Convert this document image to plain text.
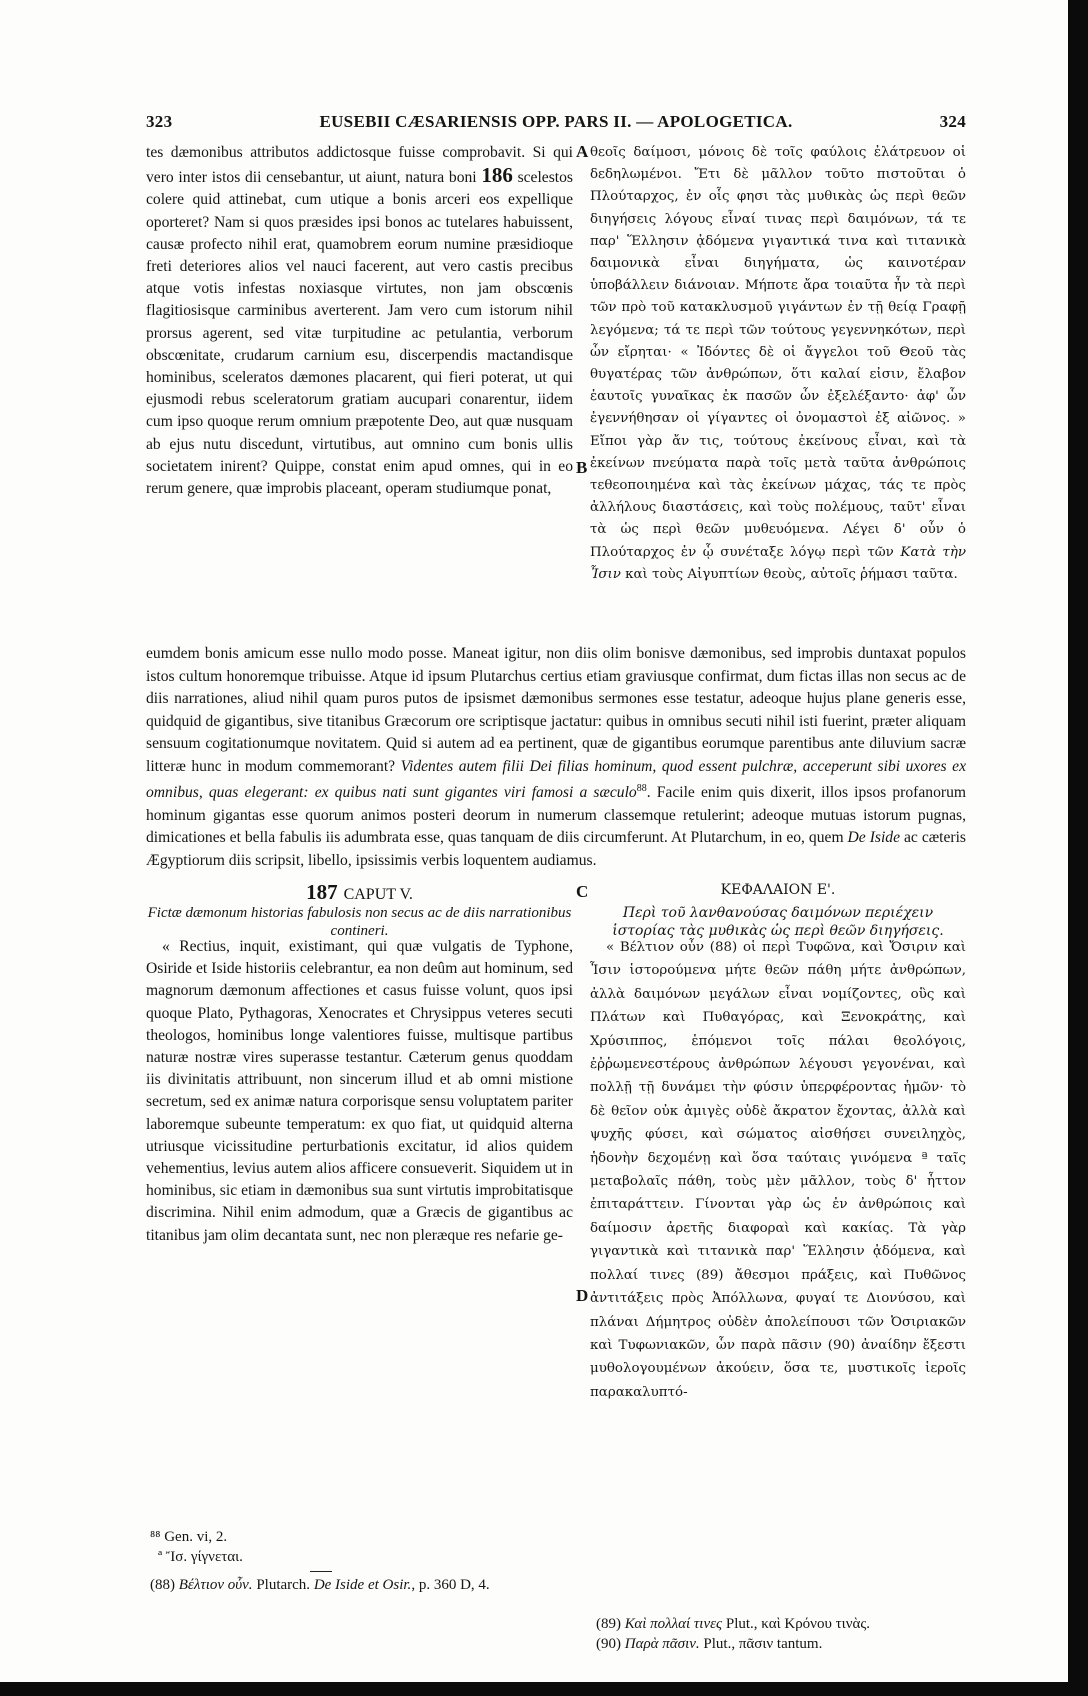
323	EUSEBII CÆSARIENSIS OPP. PARS II. — APOLOGETICA.	324

tes dæmonibus attributos addictosque fuisse comprobavit. Si qui vero inter istos dii censebantur, ut aiunt, natura boni 186 scelestos colere quid attinebat, cum utique a bonis arceri eos expellique oporteret? Nam si quos præsides ipsi bonos ac tutelares habuissent, causæ profecto nihil erat, quamobrem eorum numine præsidioque freti deteriores alios vel nauci facerent, aut vero castis precibus atque votis infestas noxiasque virtutes, non jam obscœnis flagitiosisque carminibus averterent. Jam vero cum istorum nihil prorsus agerent, sed vitæ turpitudine ac petulantia, verborum obscœnitate, crudarum carnium esu, discerpendis mactandisque hominibus, sceleratos dæmones placarent, qui fieri poterat, ut qui ejusmodi rebus sceleratorum gratiam aucupari conarentur, iidem cum ipso quoque rerum omnium præpotente Deo, aut quæ nusquam ab ejus nutu discedunt, virtutibus, aut omnino cum bonis ullis societatem inirent? Quippe, constat enim apud omnes, qui in eo rerum genere, quæ improbis placeant, operam studiumque ponat,

A
B

θεοῖς δαίμοσι, μόνοις δὲ τοῖς φαύλοις ἐλάτρευον οἱ δεδηλωμένοι. Ἔτι δὲ μᾶλλον τοῦτο πιστοῦται ὁ Πλούταρχος, ἐν οἷς φησι τὰς μυθικὰς ὡς περὶ θεῶν διηγήσεις λόγους εἶναί τινας περὶ δαιμόνων, τά τε παρ' Ἕλλησιν ᾀδόμενα γιγαντικά τινα καὶ τιτανικὰ δαιμονικὰ εἶναι διηγήματα, ὡς καινοτέραν ὑποβάλλειν διάνοιαν. Μήποτε ἄρα τοιαῦτα ἦν τὰ περὶ τῶν πρὸ τοῦ κατακλυσμοῦ γιγάντων ἐν τῇ θείᾳ Γραφῇ λεγόμενα; τά τε περὶ τῶν τούτους γεγεννηκότων, περὶ ὧν εἴρηται· « Ἰδόντες δὲ οἱ ἄγγελοι τοῦ Θεοῦ τὰς θυγατέρας τῶν ἀνθρώπων, ὅτι καλαί εἰσιν, ἔλαβον ἑαυτοῖς γυναῖκας ἐκ πασῶν ὧν ἐξελέξαντο· ἀφ' ὧν ἐγεννήθησαν οἱ γίγαντες οἱ ὀνομαστοὶ ἐξ αἰῶνος. » Εἴποι γὰρ ἄν τις, τούτους ἐκείνους εἶναι, καὶ τὰ ἐκείνων πνεύματα παρὰ τοῖς μετὰ ταῦτα ἀνθρώποις τεθεοποιημένα καὶ τὰς ἐκείνων μάχας, τάς τε πρὸς ἀλλήλους διαστάσεις, καὶ τοὺς πολέμους, ταῦτ' εἶναι τὰ ὡς περὶ θεῶν μυθευόμενα. Λέγει δ' οὖν ὁ Πλούταρχος ἐν ᾧ συνέταξε λόγῳ περὶ τῶν Κατὰ τὴν Ἶσιν καὶ τοὺς Αἰγυπτίων θεοὺς, αὐτοῖς ῥήμασι ταῦτα.

eumdem bonis amicum esse nullo modo posse. Maneat igitur, non diis olim bonisve dæmonibus, sed improbis duntaxat populos istos cultum honoremque tribuisse. Atque id ipsum Plutarchus certius etiam graviusque confirmat, dum fictas illas non secus ac de diis narrationes, aliud nihil quam puros putos de ipsismet dæmonibus sermones esse testatur, adeoque hujus plane generis esse, quidquid de gigantibus, sive titanibus Græcorum ore scriptisque jactatur: quibus in omnibus secuti nihil isti fuerint, præter aliquam sensuum cogitationumque novitatem. Quid si autem ad ea pertinent, quæ de gigantibus eorumque parentibus ante diluvium sacræ litteræ hunc in modum commemorant? Videntes autem filii Dei filias hominum, quod essent pulchræ, acceperunt sibi uxores ex omnibus, quas elegerant: ex quibus nati sunt gigantes viri famosi a sæculo$^{88}$. Facile enim quis dixerit, illos ipsos profanorum hominum gigantas esse quorum animos posteri deorum in numerum classemque retulerint; adeoque mutuas istorum pugnas, dimicationes et bella fabulis iis adumbrata esse, quas tanquam de diis circumferunt. At Plutarchum, in eo, quem De Iside ac cæteris Ægyptiorum diis scripsit, libello, ipsissimis verbis loquentem audiamus.

187 CAPUT V.	C	ΚΕΦΑΛΑΙΟΝ Ε'.
Fictæ dæmonum historias fabulosis non secus ac de diis narrationibus contineri.
Περὶ τοῦ λανθανούσας δαιμόνων περιέχειν ἱστορίας τὰς μυθικὰς ὡς περὶ θεῶν διηγήσεις.

« Rectius, inquit, existimant, qui quæ vulgatis de Typhone, Osiride et Iside historiis celebrantur, ea non deûm aut hominum, sed magnorum dæmonum affectiones et casus fuisse volunt, quos ipsi quoque Plato, Pythagoras, Xenocrates et Chrysippus veteres secuti theologos, hominibus longe valentiores fuisse, multisque partibus naturæ nostræ vires superasse testantur. Cæterum genus quoddam iis divinitatis attribuunt, non sincerum illud et ab omni mistione secretum, sed ex animæ natura corporisque sensu voluptatem pariter laboremque subeunte temperatum: ex quo fiat, ut quidquid alterna utriusque vicissitudine perturbationis excitatur, id alios quidem vehementius, levius autem alios afficere consueverit. Siquidem ut in hominibus, sic etiam in dæmonibus sua sunt virtutis improbitatisque discrimina. Nihil enim admodum, quæ a Græcis de gigantibus ac titanibus jam olim decantata sunt, nec non pleræque res nefarie ge-

D

« Βέλτιον οὖν (88) οἱ περὶ Τυφῶνα, καὶ Ὄσιριν καὶ Ἶσιν ἱστορούμενα μήτε θεῶν πάθη μήτε ἀνθρώπων, ἀλλὰ δαιμόνων μεγάλων εἶναι νομίζοντες, οὓς καὶ Πλάτων καὶ Πυθαγόρας, καὶ Ξενοκράτης, καὶ Χρύσιππος, ἑπόμενοι τοῖς πάλαι θεολόγοις, ἐῤῥωμενεστέρους ἀνθρώπων λέγουσι γεγονέναι, καὶ πολλῇ τῇ δυνάμει τὴν φύσιν ὑπερφέροντας ἡμῶν· τὸ δὲ θεῖον οὐκ ἀμιγὲς οὐδὲ ἄκρατον ἔχοντας, ἀλλὰ καὶ ψυχῆς φύσει, καὶ σώματος αἰσθήσει συνειληχὸς, ἡδονὴν δεχομένῃ καὶ ὅσα ταύταις γινόμενα ª ταῖς μεταβολαῖς πάθη, τοὺς μὲν μᾶλλον, τοὺς δ' ἧττον ἐπιταράττειν. Γίνονται γὰρ ὡς ἐν ἀνθρώποις καὶ δαίμοσιν ἀρετῆς διαφοραὶ καὶ κακίας. Τὰ γὰρ γιγαντικὰ καὶ τιτανικὰ παρ' Ἕλλησιν ᾀδόμενα, καὶ πολλαί τινες (89) ἄθεσμοι πράξεις, καὶ Πυθῶνος ἀντιτάξεις πρὸς Ἀπόλλωνα, φυγαί τε Διονύσου, καὶ πλάναι Δήμητρος οὐδὲν ἀπολείπουσι τῶν Ὀσιριακῶν καὶ Τυφωνιακῶν, ὧν παρὰ πᾶσιν (90) ἀναίδην ἔξεστι μυθολογουμένων ἀκούειν, ὅσα τε, μυστικοῖς ἱεροῖς παρακαλυπτό-

⁸⁸ Gen. vi, 2.

ª Ἴσ. γίγνεται.

(88) Βέλτιον οὖν. Plutarch. De Iside et Osir., p. 360 D, 4.

(89) Καὶ πολλαί τινες Plut., καὶ Κρόνου τινὰς.

(90) Παρὰ πᾶσιν. Plut., πᾶσιν tantum.
